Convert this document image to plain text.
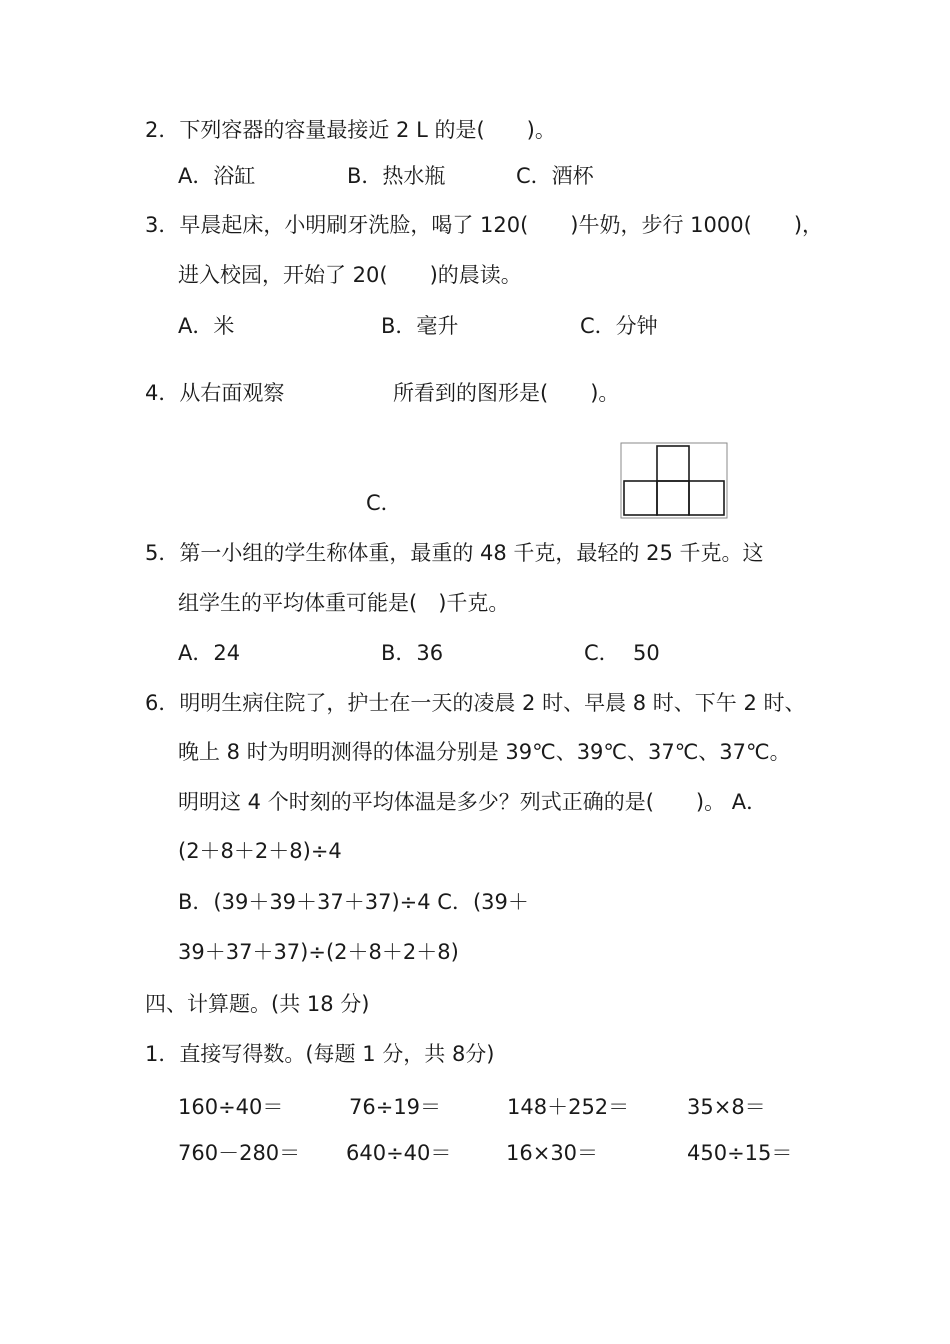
2．下列容器的容量最接近 2 L 的是(　　)。
A．浴缸	B．热水瓶	C．酒杯
3．早晨起床，小明刷牙洗脸，喝了 120(　　)牛奶，步行 1000(　　)，
进入校园，开始了 20(　　)的晨读。
A．米	B．毫升	C．分钟
4．从右面观察	所看到的图形是(　　)。
C．
5．第一小组的学生称体重，最重的 48 千克，最轻的 25 千克。这
组学生的平均体重可能是(　)千克。
A．24	B．36	C．  50
6．明明生病住院了，护士在一天的凌晨 2 时、早晨 8 时、下午 2 时、
晚上 8 时为明明测得的体温分别是 39℃、39℃、37℃、37℃。
明明这 4 个时刻的平均体温是多少？列式正确的是(　　)。 A．
(2＋8＋2＋8)÷4
B．(39＋39＋37＋37)÷4 C．(39＋
39＋37＋37)÷(2＋8＋2＋8)
四、计算题。(共 18 分)
1．直接写得数。(每题 1 分，共 8分)
160÷40＝	76÷19＝	148＋252＝	35×8＝
760－280＝ 640÷40＝	16×30＝	450÷15＝
